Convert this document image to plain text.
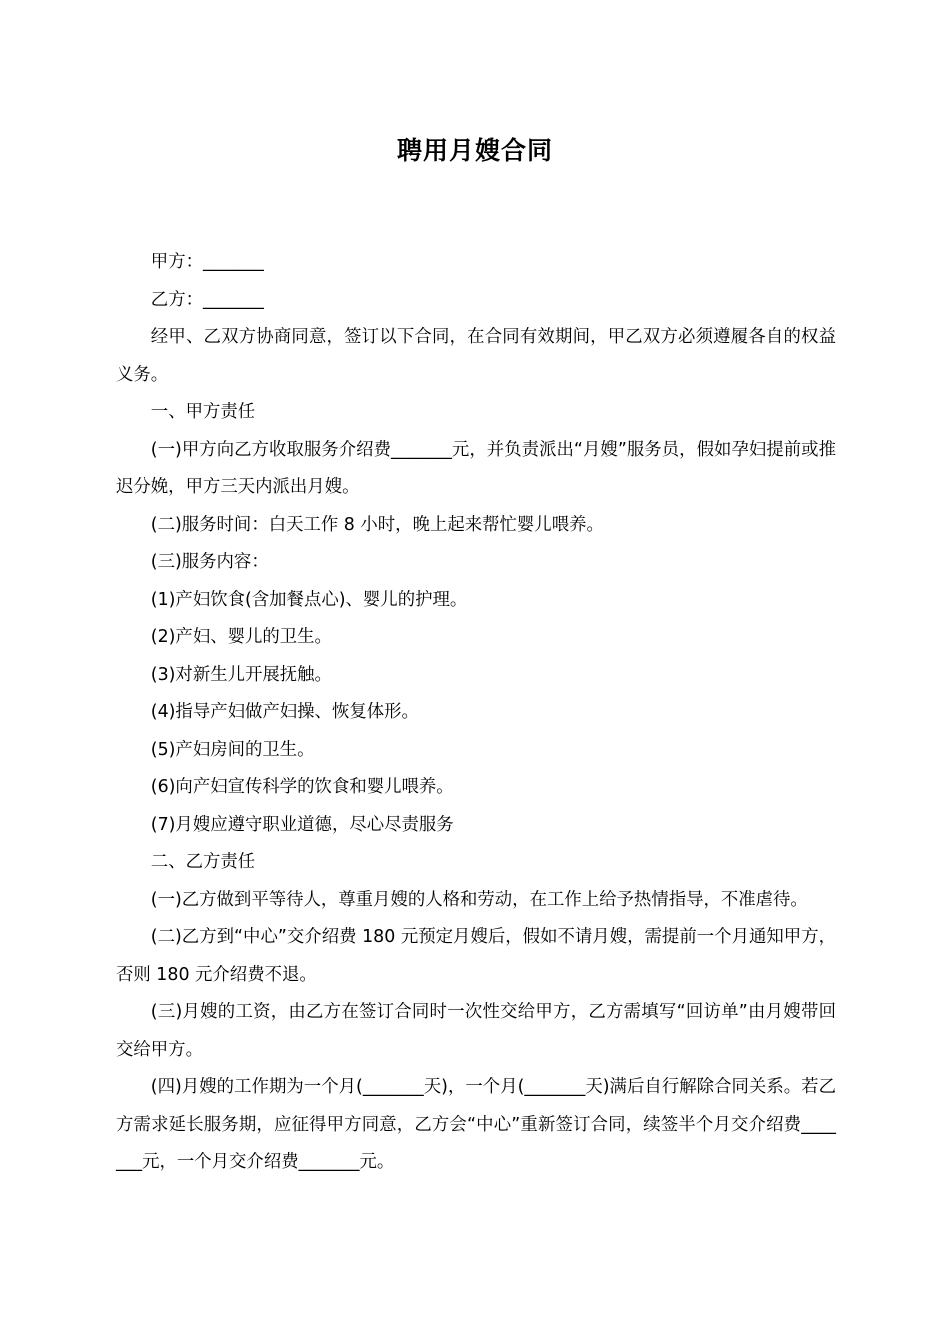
聘用月嫂合同

甲方：_______

乙方：_______

经甲、乙双方协商同意，签订以下合同，在合同有效期间，甲乙双方必须遵履各自的权益义务。

一、甲方责任

(一)甲方向乙方收取服务介绍费_______元，并负责派出“月嫂”服务员，假如孕妇提前或推迟分娩，甲方三天内派出月嫂。

(二)服务时间：白天工作 8 小时，晚上起来帮忙婴儿喂养。

(三)服务内容：

(1)产妇饮食(含加餐点心)、婴儿的护理。

(2)产妇、婴儿的卫生。

(3)对新生儿开展抚触。

(4)指导产妇做产妇操、恢复体形。

(5)产妇房间的卫生。

(6)向产妇宣传科学的饮食和婴儿喂养。

(7)月嫂应遵守职业道德，尽心尽责服务

二、乙方责任

(一)乙方做到平等待人，尊重月嫂的人格和劳动，在工作上给予热情指导，不准虐待。

(二)乙方到“中心”交介绍费 180 元预定月嫂后，假如不请月嫂，需提前一个月通知甲方，否则 180 元介绍费不退。

(三)月嫂的工资，由乙方在签订合同时一次性交给甲方，乙方需填写“回访单”由月嫂带回交给甲方。

(四)月嫂的工作期为一个月(_______天)，一个月(_______天)满后自行解除合同关系。若乙方需求延长服务期，应征得甲方同意，乙方会“中心”重新签订合同，续签半个月交介绍费_______元，一个月交介绍费_______元。
